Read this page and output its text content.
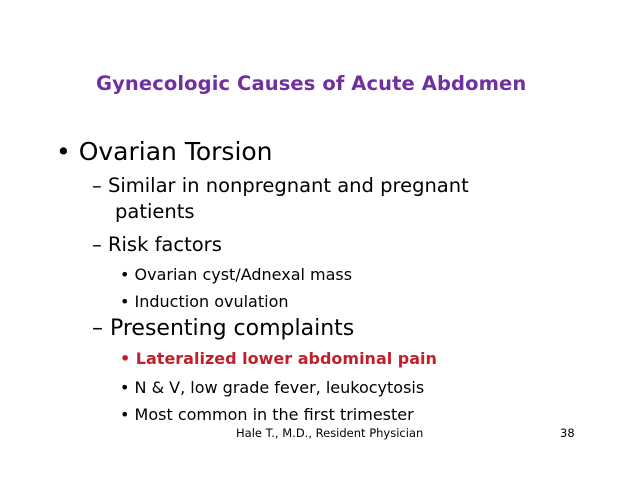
Gynecologic Causes of Acute Abdomen
• Ovarian Torsion
– Similar in nonpregnant and pregnant
patients
– Risk factors
• Ovarian cyst/Adnexal mass
• Induction ovulation
– Presenting complaints
• Lateralized lower abdominal pain
• N & V, low grade fever, leukocytosis
• Most common in the first trimester
Hale T., M.D., Resident Physician	38
